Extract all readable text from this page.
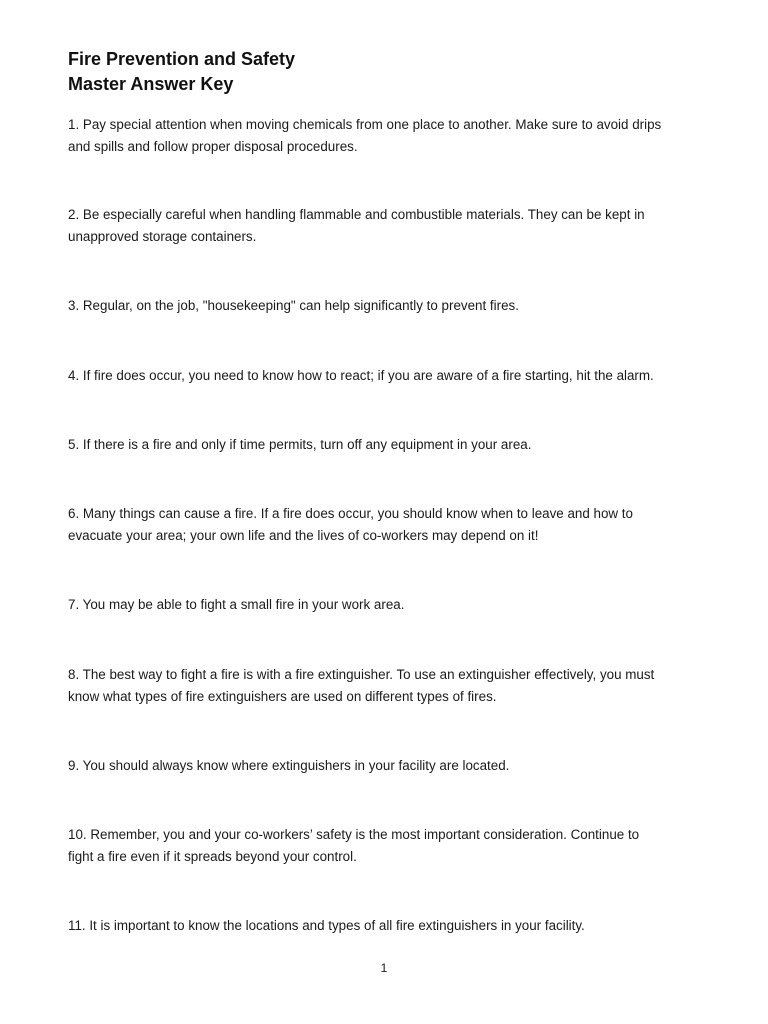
Fire Prevention and Safety
Master Answer Key

1. Pay special attention when moving chemicals from one place to another. Make sure to avoid drips
and spills and follow proper disposal procedures.

2. Be especially careful when handling flammable and combustible materials. They can be kept in
unapproved storage containers.

3. Regular, on the job, "housekeeping" can help significantly to prevent fires.

4. If fire does occur, you need to know how to react; if you are aware of a fire starting, hit the alarm.

5. If there is a fire and only if time permits, turn off any equipment in your area.

6. Many things can cause a fire. If a fire does occur, you should know when to leave and how to
evacuate your area; your own life and the lives of co-workers may depend on it!

7. You may be able to fight a small fire in your work area.

8. The best way to fight a fire is with a fire extinguisher. To use an extinguisher effectively, you must
know what types of fire extinguishers are used on different types of fires.

9. You should always know where extinguishers in your facility are located.

10. Remember, you and your co-workers’ safety is the most important consideration. Continue to
fight a fire even if it spreads beyond your control.

11. It is important to know the locations and types of all fire extinguishers in your facility.

1
